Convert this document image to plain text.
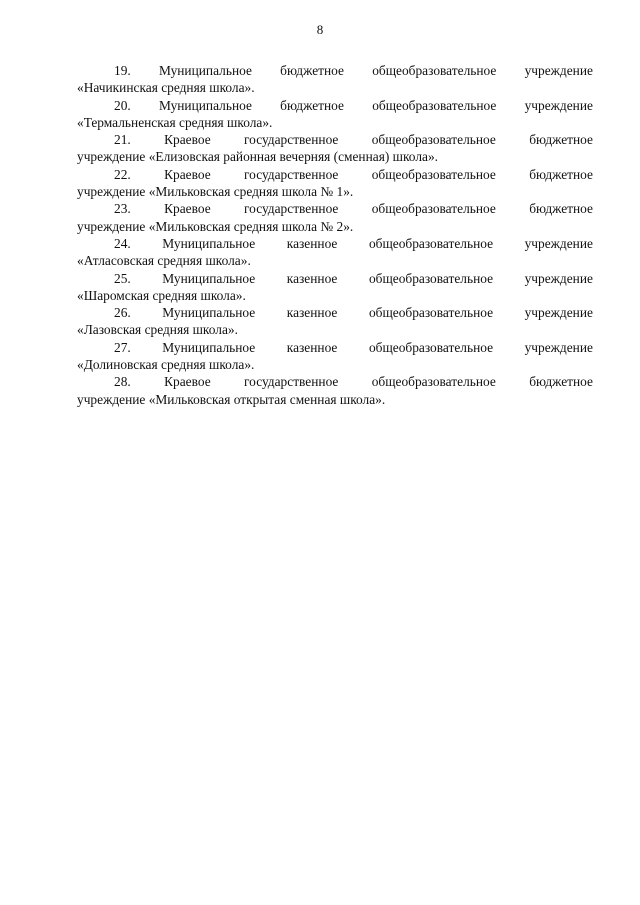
8
19. Муниципальное бюджетное общеобразовательное учреждение
«Начикинская средняя школа».
20. Муниципальное бюджетное общеобразовательное учреждение
«Термальненская средняя школа».
21. Краевое государственное общеобразовательное бюджетное
учреждение «Елизовская районная вечерняя (сменная) школа».
22. Краевое государственное общеобразовательное бюджетное
учреждение «Мильковская средняя школа № 1».
23. Краевое государственное общеобразовательное бюджетное
учреждение «Мильковская средняя школа № 2».
24. Муниципальное казенное общеобразовательное учреждение
«Атласовская средняя школа».
25. Муниципальное казенное общеобразовательное учреждение
«Шаромская средняя школа».
26. Муниципальное казенное общеобразовательное учреждение
«Лазовская средняя школа».
27. Муниципальное казенное общеобразовательное учреждение
«Долиновская средняя школа».
28. Краевое государственное общеобразовательное бюджетное
учреждение «Мильковская открытая сменная школа».
